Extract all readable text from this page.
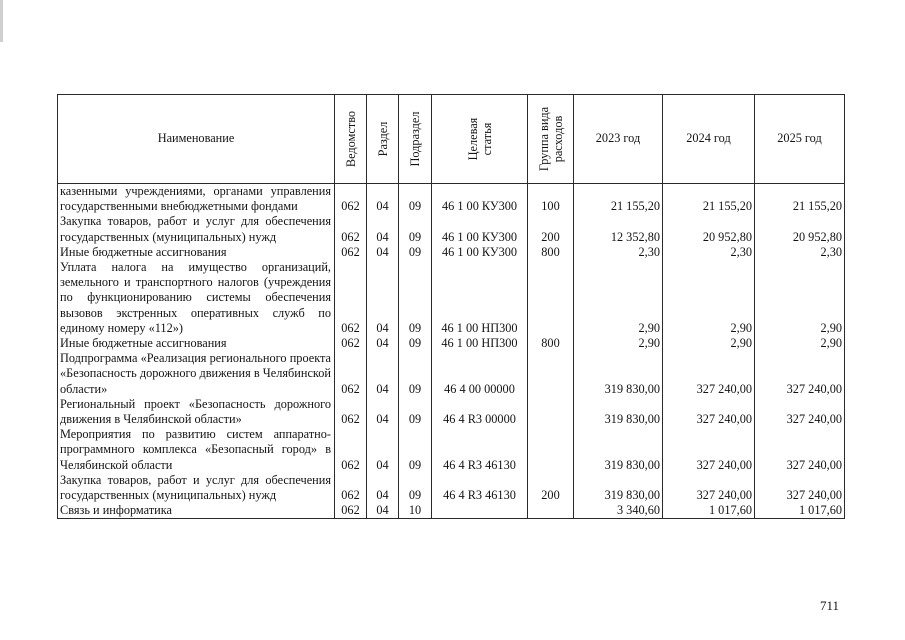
Наименование	Ведомство	Раздел	Подраздел	Целевая статья	Группа вида расходов	2023 год	2024 год	2025 год
казенными учреждениями, органами управления государственными внебюджетными фондами	062	04	09	46 1 00 КУ300	100	21 155,20	21 155,20	21 155,20
Закупка товаров, работ и услуг для обеспечения государственных (муниципальных) нужд	062	04	09	46 1 00 КУ300	200	12 352,80	20 952,80	20 952,80
Иные бюджетные ассигнования	062	04	09	46 1 00 КУ300	800	2,30	2,30	2,30
Уплата налога на имущество организаций, земельного и транспортного налогов (учреждения по функционированию системы обеспечения вызовов экстренных оперативных служб по единому номеру «112»)	062	04	09	46 1 00 НП300		2,90	2,90	2,90
Иные бюджетные ассигнования	062	04	09	46 1 00 НП300	800	2,90	2,90	2,90
Подпрограмма «Реализация регионального проекта «Безопасность дорожного движения в Челябинской области»	062	04	09	46 4 00 00000		319 830,00	327 240,00	327 240,00
Региональный проект «Безопасность дорожного движения в Челябинской области»	062	04	09	46 4 R3 00000		319 830,00	327 240,00	327 240,00
Мероприятия по развитию систем аппаратно-программного комплекса «Безопасный город» в Челябинской области	062	04	09	46 4 R3 46130		319 830,00	327 240,00	327 240,00
Закупка товаров, работ и услуг для обеспечения государственных (муниципальных) нужд	062	04	09	46 4 R3 46130	200	319 830,00	327 240,00	327 240,00
Связь и информатика	062	04	10			3 340,60	1 017,60	1 017,60
711
